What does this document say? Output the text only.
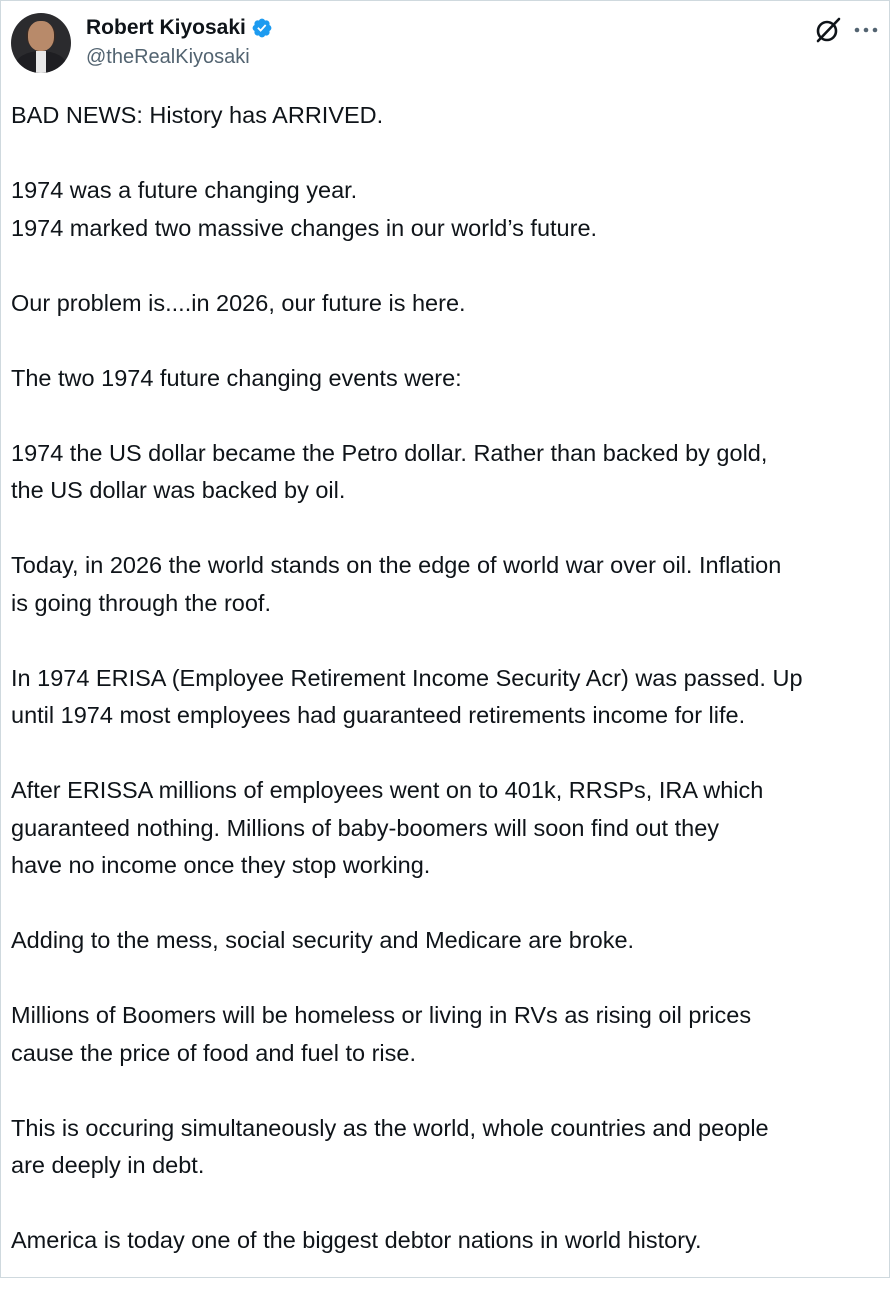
Robert Kiyosaki
@theRealKiyosaki

BAD NEWS: History has ARRIVED.

1974 was a future changing year.
1974 marked two massive changes in our world’s future.

Our problem is....in 2026, our future is here.

The two 1974 future changing events were:

1974 the US dollar became the Petro dollar. Rather than backed by gold,
the US dollar was backed by oil.

Today, in 2026 the world stands on the edge of world war over oil. Inflation
is going through the roof.

In 1974 ERISA (Employee Retirement Income Security Acr) was passed. Up
until 1974 most employees had guaranteed retirements income for life.

After ERISSA millions of employees went on to 401k, RRSPs, IRA which
guaranteed nothing. Millions of baby-boomers will soon find out they
have no income once they stop working.

Adding to the mess, social security and Medicare are broke.

Millions of Boomers will be homeless or living in RVs as rising oil prices
cause the price of food and fuel to rise.

This is occuring simultaneously as the world, whole countries and people
are deeply in debt.

America is today one of the biggest debtor nations in world history.
